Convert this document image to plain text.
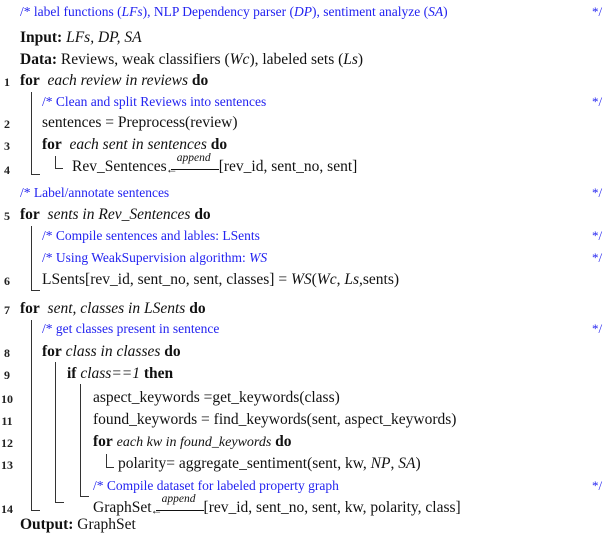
/* label functions (LFs), NLP Dependency parser (DP), sentiment analyze (SA)	*/
Input: LFs, DP, SA
Data: Reviews, weak classifiers (Wc), labeled sets (Ls)
1 for each review in reviews do
/* Clean and split Reviews into sentences	*/
2 sentences = Preprocess(review)
3 for each sent in sentences do
4	Rev_Sentences append
←	[rev_id, sent_no, sent]
/* Label/annotate sentences	*/
5 for sents in Rev_Sentences do
/* Compile sentences and lables: LSents	*/
/* Using WeakSupervision algorithm: WS	*/
6 LSents[rev_id, sent_no, sent, classes] = WS(Wc, Ls,sents)
7 for sent, classes in LSents do
/* get classes present in sentence	*/
8 for class in classes do
9	if class==1 then
10	aspect_keywords =get_keywords(class)
11	found_keywords = find_keywords(sent, aspect_keywords)
12	for each kw in found_keywords do
13	polarity= aggregate_sentiment(sent, kw, NP, SA)
/* Compile dataset for labeled property graph	*/
14	GraphSet append
←	[rev_id, sent_no, sent, kw, polarity, class]
Output: GraphSet
